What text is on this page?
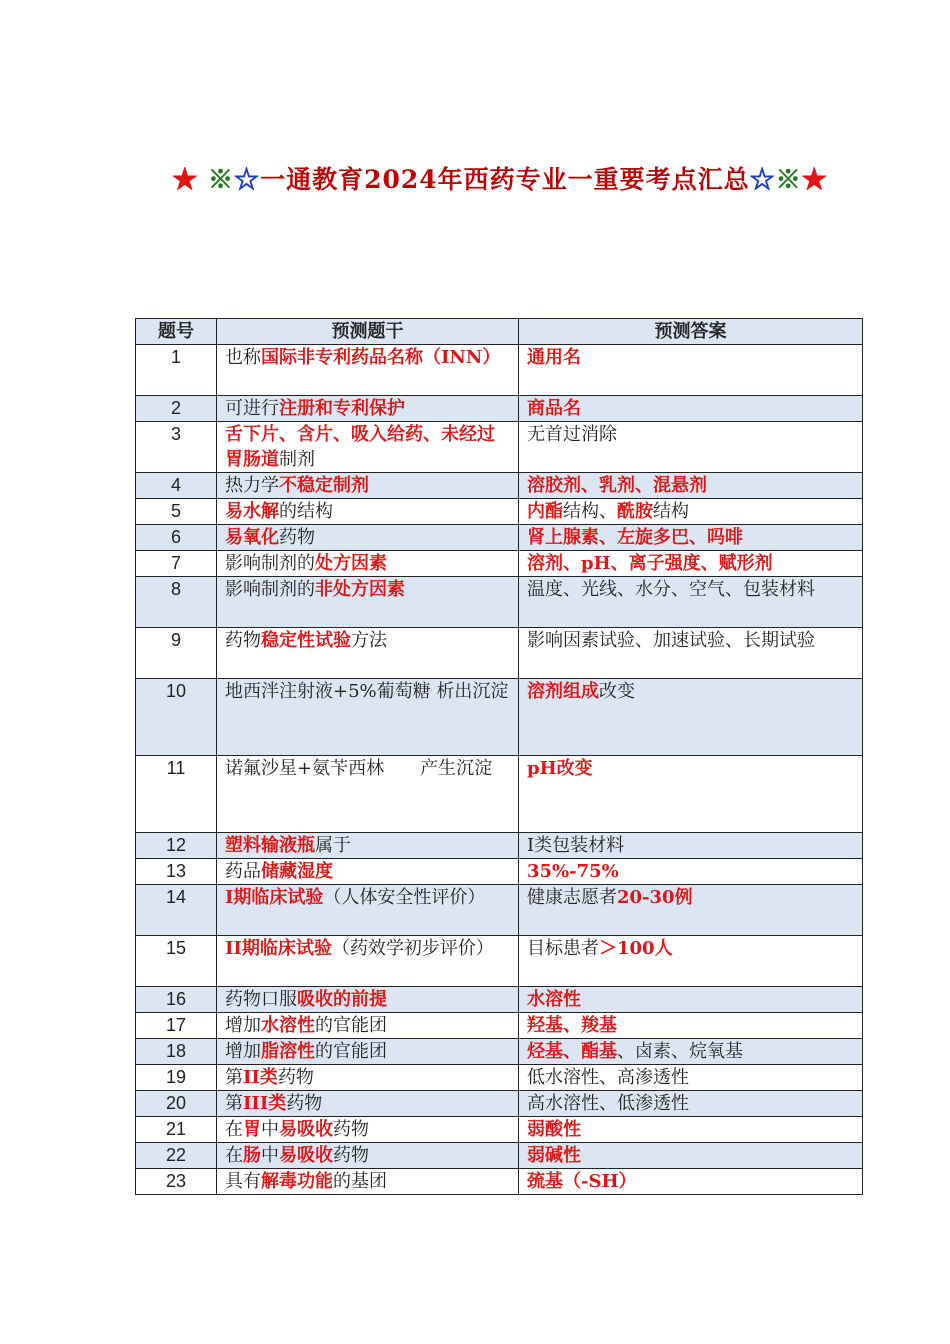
★ ※☆一通教育2024年西药专业一重要考点汇总☆※★
题号	预测题干	预测答案
1	也称国际非专利药品名称（INN）	通用名
2	可进行注册和专利保护	商品名
3	舌下片、含片、吸入给药、未经过胃肠道制剂	无首过消除
4	热力学不稳定制剂	溶胶剂、乳剂、混悬剂
5	易水解的结构	内酯结构、酰胺结构
6	易氧化药物	肾上腺素、左旋多巴、吗啡
7	影响制剂的处方因素	溶剂、pH、离子强度、赋形剂
8	影响制剂的非处方因素	温度、光线、水分、空气、包装材料
9	药物稳定性试验方法	影响因素试验、加速试验、长期试验
10	地西泮注射液+5%葡萄糖 析出沉淀	溶剂组成改变
11	诺氟沙星+氨苄西林　　产生沉淀	pH改变
12	塑料输液瓶属于	I类包装材料
13	药品储藏湿度	35%-75%
14	I期临床试验（人体安全性评价）	健康志愿者20-30例
15	II期临床试验（药效学初步评价）	目标患者＞100人
16	药物口服吸收的前提	水溶性
17	增加水溶性的官能团	羟基、羧基
18	增加脂溶性的官能团	烃基、酯基、卤素、烷氧基
19	第II类药物	低水溶性、高渗透性
20	第III类药物	高水溶性、低渗透性
21	在胃中易吸收药物	弱酸性
22	在肠中易吸收药物	弱碱性
23	具有解毒功能的基团	巯基（-SH）
